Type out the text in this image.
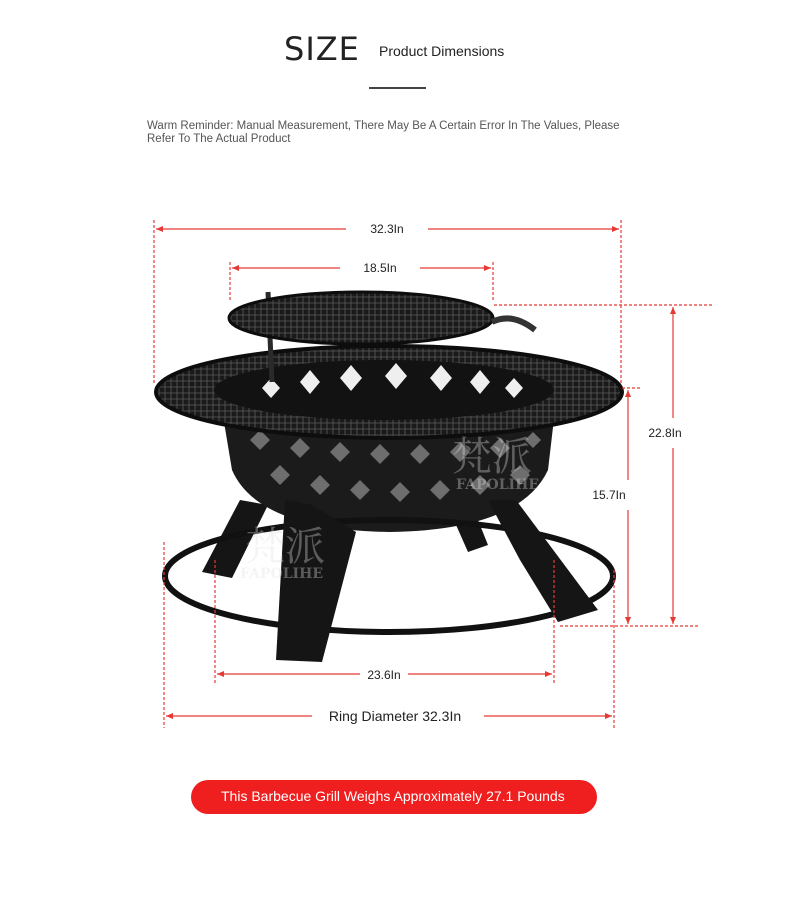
SIZE Product Dimensions
Warm Reminder: Manual Measurement, There May Be A Certain Error In The Values, Please
Refer To The Actual Product
梵派
FAPOLIHE
梵派
FAPOLIHE
32.3In
18.5In
22.8In
15.7In
23.6In
Ring Diameter 32.3In
This Barbecue Grill Weighs Approximately 27.1 Pounds
